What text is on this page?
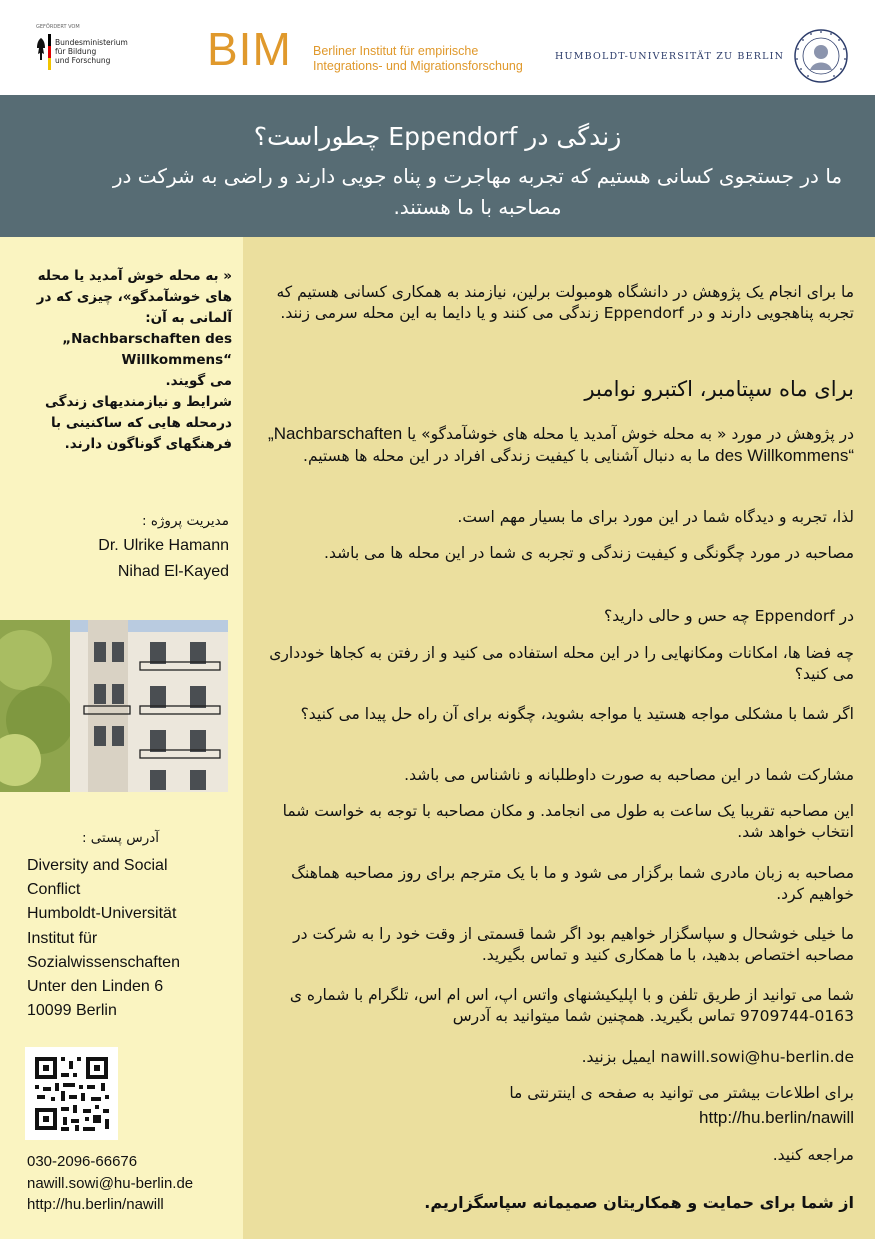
GEFÖRDERT VOM
Bundesministerium
für Bildung
und Forschung	BIM Berliner Institut für empirische
Integrations- und Migrationsforschung
HUMBOLDT-UNIVERSITÄT ZU BERLIN
زندگی در Eppendorf چطوراست؟
ما در جستجوی کسانی هستیم که تجربه مهاجرت و پناه جویی دارند و راضی به شرکت در مصاحبه با ما هستند.
« به محله خوش آمدید یا محله های خوشآمدگو»، چیزی که در آلمانی به آن:
„Nachbarschaften des Willkommens“
می گویند.
شرایط و نیازمندیهای زندگی درمحله هایی که ساکنینی با فرهنگهای گوناگون دارند.
مدیریت پروژه :
Dr. Ulrike Hamann
Nihad El-Kayed
آدرس پستی :
Diversity and Social
Conflict
Humboldt-Universität
Institut für
Sozialwissenschaften
Unter den Linden 6
10099 Berlin
030-2096-66676
nawill.sowi@hu-berlin.de
http://hu.berlin/nawill
ما برای انجام یک پژوهش در دانشگاه هومبولت برلین، نیازمند به همکاری کسانی هستیم که تجربه پناهجویی دارند و در Eppendorf زندگی می کنند و یا دایما به این محله سرمی زنند.
برای ماه سپتامبر، اکتبرو نوامبر
در پژوهش در مورد « به محله خوش آمدید یا محله های خوشآمدگو» یا „Nachbarschaften des Willkommens“ ما به دنبال آشنایی با کیفیت زندگی افراد در این محله ها هستیم.
لذا، تجربه و دیدگاه شما در این مورد برای ما بسیار مهم است.
مصاحبه در مورد چگونگی و کیفیت زندگی و تجربه ی شما در این محله ها می باشد.
در Eppendorf چه حس و حالی دارید؟
چه فضا ها، امکانات ومکانهایی را در این محله استفاده می کنید و از رفتن به کجاها خودداری می کنید؟
اگر شما با مشکلی مواجه هستید یا مواجه بشوید، چگونه برای آن راه حل پیدا می کنید؟
مشارکت شما در این مصاحبه به صورت داوطلبانه و ناشناس می باشد.
این مصاحبه تقریبا یک ساعت به طول می انجامد. و مکان مصاحبه با توجه به خواست شما انتخاب خواهد شد.
مصاحبه به زبان مادری شما برگزار می شود و ما با یک مترجم برای روز مصاحبه هماهنگ خواهیم کرد.
ما خیلی خوشحال و سپاسگزار خواهیم بود اگر شما قسمتی از وقت خود را به شرکت در مصاحبه اختصاص بدهید، با ما همکاری کنید و تماس بگیرید.
شما می توانید از طریق تلفن و با اپلیکیشنهای واتس اپ، اس ام اس، تلگرام با شماره ی 0163-9709744 تماس بگیرید. همچنین شما میتوانید به آدرس
nawill.sowi@hu-berlin.de ایمیل بزنید.
برای اطلاعات بیشتر می توانید به صفحه ی اینترنتی ما
http://hu.berlin/nawill
مراجعه کنید.
از شما برای حمایت و همکاریتان صمیمانه سپاسگزاریم.
